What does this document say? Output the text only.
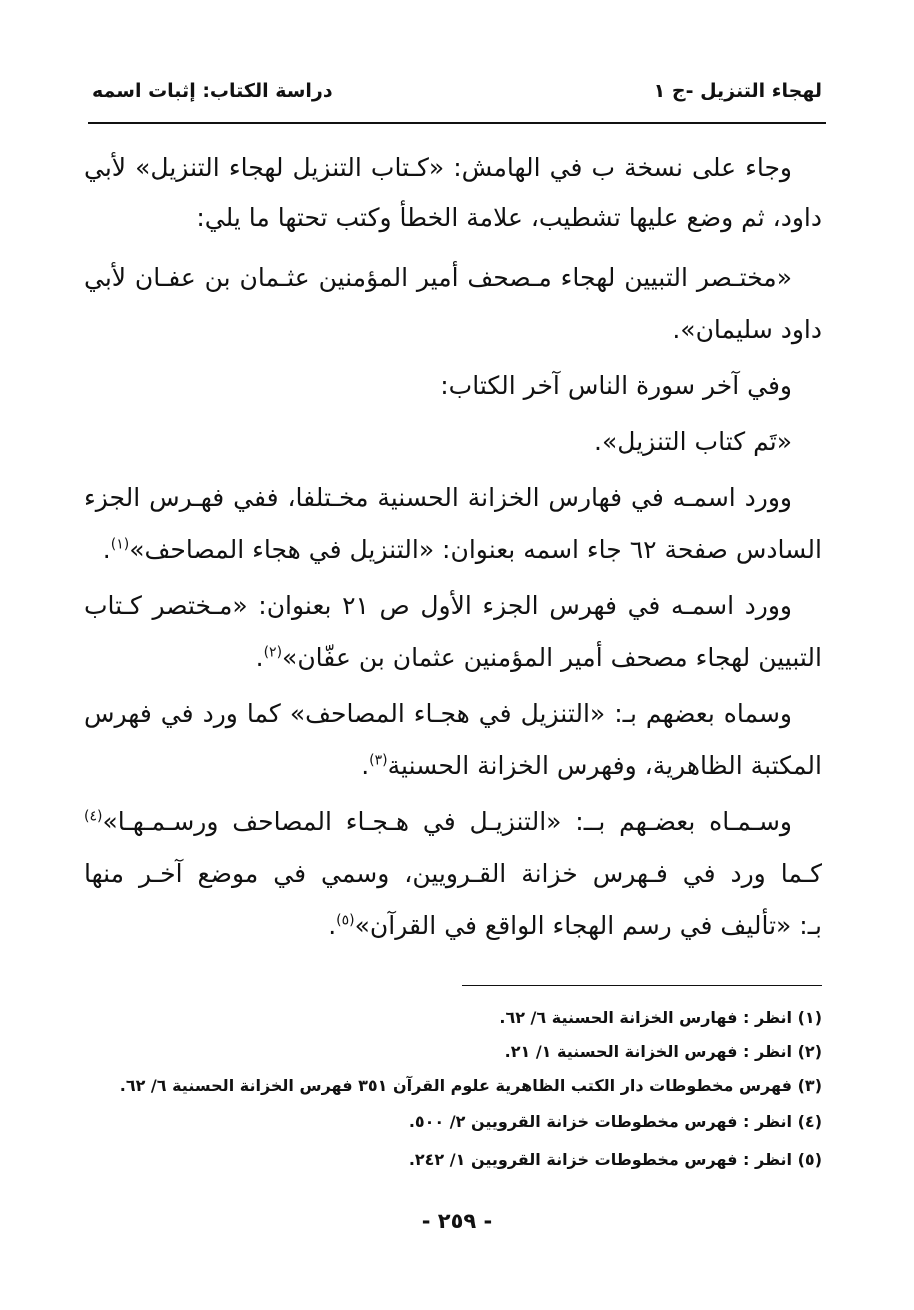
لهجاء التنزيل -ج ١
دراسة الكتاب: إثبات اسمه
وجاء على نسخة ب في الهامش: «كـتاب التنزيل لهجاء التنزيل» لأبي
داود، ثم وضع عليها تشطيب، علامة الخطأ وكتب تحتها ما يلي:
«مختـصر التبيين لهجاء مـصحف أمير المؤمنين عثـمان بن عفـان لأبي
داود سليمان».
وفي آخر سورة الناس آخر الكتاب:
«تَم كتاب التنزيل».
وورد اسمـه في فهارس الخزانة الحسنية مخـتلفا، ففي فهـرس الجزء
السادس صفحة ٦٢ جاء اسمه بعنوان: «التنزيل في هجاء المصاحف»$^{(١)}$.
وورد اسمـه في فهرس الجزء الأول ص ٢١ بعنوان: «مـختصر كـتاب
التبيين لهجاء مصحف أمير المؤمنين عثمان بن عفّان»$^{(٢)}$.
وسماه بعضهم بـ: «التنزيل في هجـاء المصاحف» كما ورد في فهرس
المكتبة الظاهرية، وفهرس الخزانة الحسنية$^{(٣)}$.
وسـمـاه بعضـهم بــ: «التنزيـل في هـجـاء المصاحف ورسـمـهـا»$^{(٤)}$
كـما ورد في فـهرس خزانة القـرويين، وسمي في موضع آخـر منها
بـ: «تأليف في رسم الهجاء الواقع في القرآن»$^{(٥)}$.
(١) انظر : فهارس الخزانة الحسنية ٦/ ٦٢.
(٢) انظر : فهرس الخزانة الحسنية ١/ ٢١.
(٣) فهرس مخطوطات دار الكتب الظاهرية علوم القرآن ٣٥١ فهرس الخزانة الحسنية ٦/ ٦٢.
(٤) انظر : فهرس مخطوطات خزانة القرويين ٢/ ٥٠٠.
(٥) انظر : فهرس مخطوطات خزانة القرويين ١/ ٢٤٢.
- ٢٥٩ -
